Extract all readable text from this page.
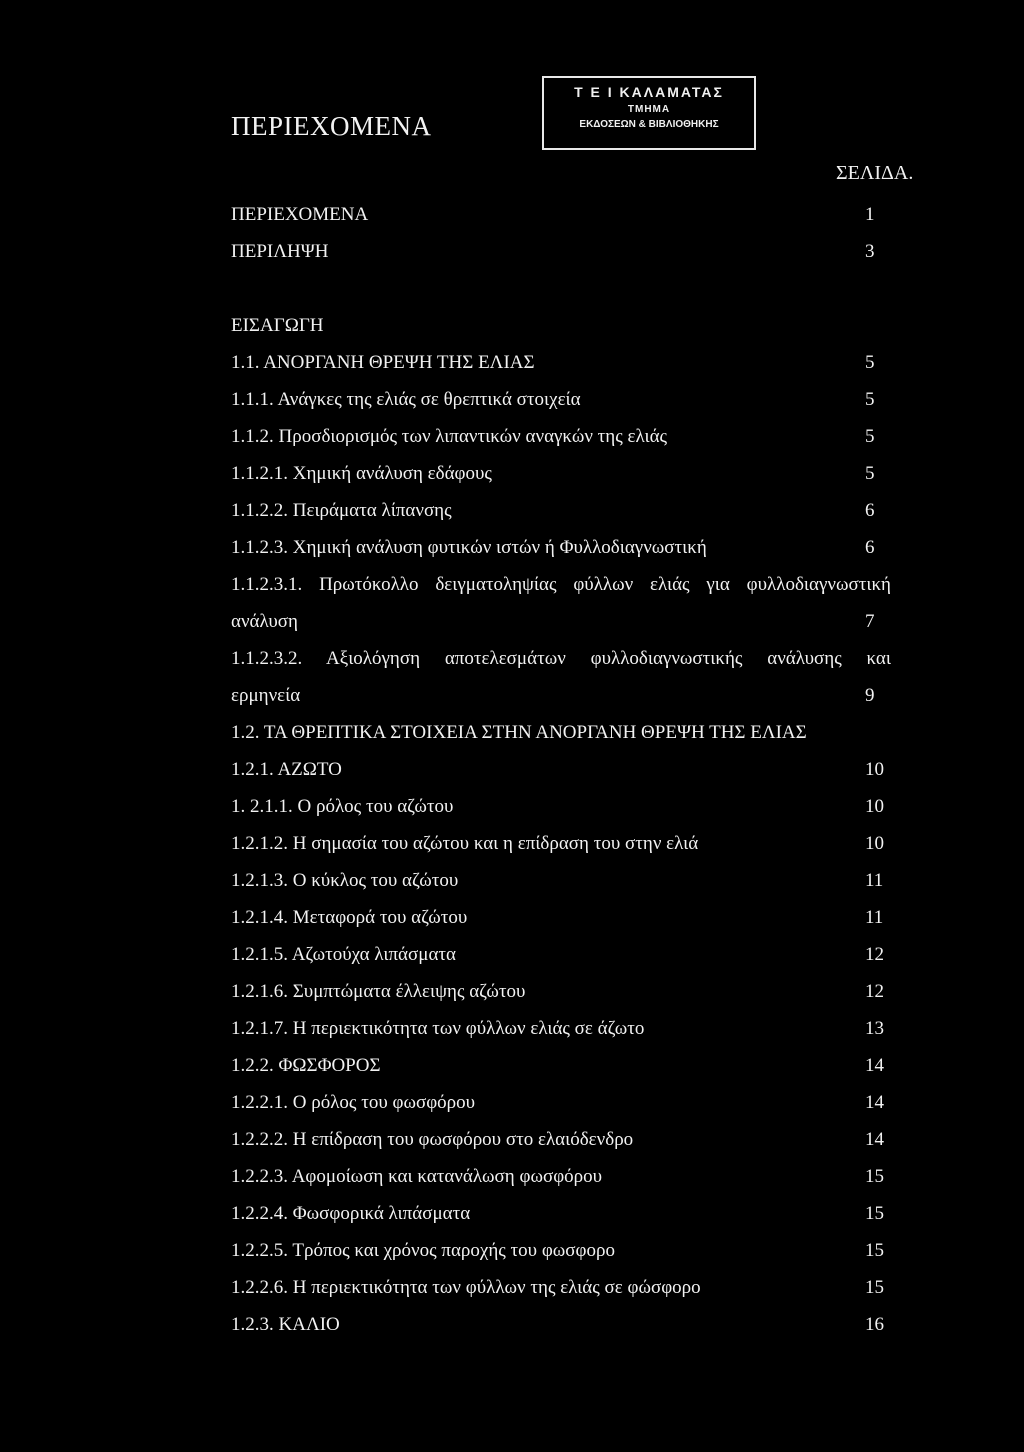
ΠΕΡΙΕΧΟΜΕΝΑ
Τ Ε Ι ΚΑΛΑΜΑΤΑΣ
ΤΜΗΜΑ
ΕΚΔΟΣΕΩΝ & ΒΙΒΛΙΟΘΗΚΗΣ
ΣΕΛΙΔΑ.
ΠΕΡΙΕΧΟΜΕΝΑ	1
ΠΕΡΙΛΗΨΗ	3
ΕΙΣΑΓΩΓΗ
1.1. ΑΝΟΡΓΑΝΗ ΘΡΕΨΗ ΤΗΣ ΕΛΙΑΣ	5
1.1.1. Ανάγκες της ελιάς σε θρεπτικά στοιχεία	5
1.1.2. Προσδιορισμός των λιπαντικών αναγκών της ελιάς	5
1.1.2.1. Χημική ανάλυση εδάφους	5
1.1.2.2. Πειράματα λίπανσης	6
1.1.2.3. Χημική ανάλυση φυτικών ιστών ή Φυλλοδιαγνωστική	6
1.1.2.3.1. Πρωτόκολλο δειγματοληψίας φύλλων ελιάς για φυλλοδιαγνωστική
ανάλυση	7
1.1.2.3.2. Αξιολόγηση αποτελεσμάτων φυλλοδιαγνωστικής ανάλυσης και
ερμηνεία	9
1.2. ΤΑ ΘΡΕΠΤΙΚΑ ΣΤΟΙΧΕΙΑ ΣΤΗΝ ΑΝΟΡΓΑΝΗ ΘΡΕΨΗ ΤΗΣ ΕΛΙΑΣ
1.2.1. ΑΖΩΤΟ	10
1. 2.1.1. Ο ρόλος του αζώτου	10
1.2.1.2. Η σημασία του αζώτου και η επίδραση του στην ελιά	10
1.2.1.3. Ο κύκλος του αζώτου	11
1.2.1.4. Μεταφορά του αζώτου	11
1.2.1.5. Αζωτούχα λιπάσματα	12
1.2.1.6. Συμπτώματα έλλειψης αζώτου	12
1.2.1.7. Η περιεκτικότητα των φύλλων ελιάς σε άζωτο	13
1.2.2. ΦΩΣΦΟΡΟΣ	14
1.2.2.1. Ο ρόλος του φωσφόρου	14
1.2.2.2. Η επίδραση του φωσφόρου στο ελαιόδενδρο	14
1.2.2.3. Αφομοίωση και κατανάλωση φωσφόρου	15
1.2.2.4. Φωσφορικά λιπάσματα	15
1.2.2.5. Τρόπος και χρόνος παροχής του φωσφορο	15
1.2.2.6. Η περιεκτικότητα των φύλλων της ελιάς σε φώσφορο	15
1.2.3. ΚΑΛΙΟ	16
